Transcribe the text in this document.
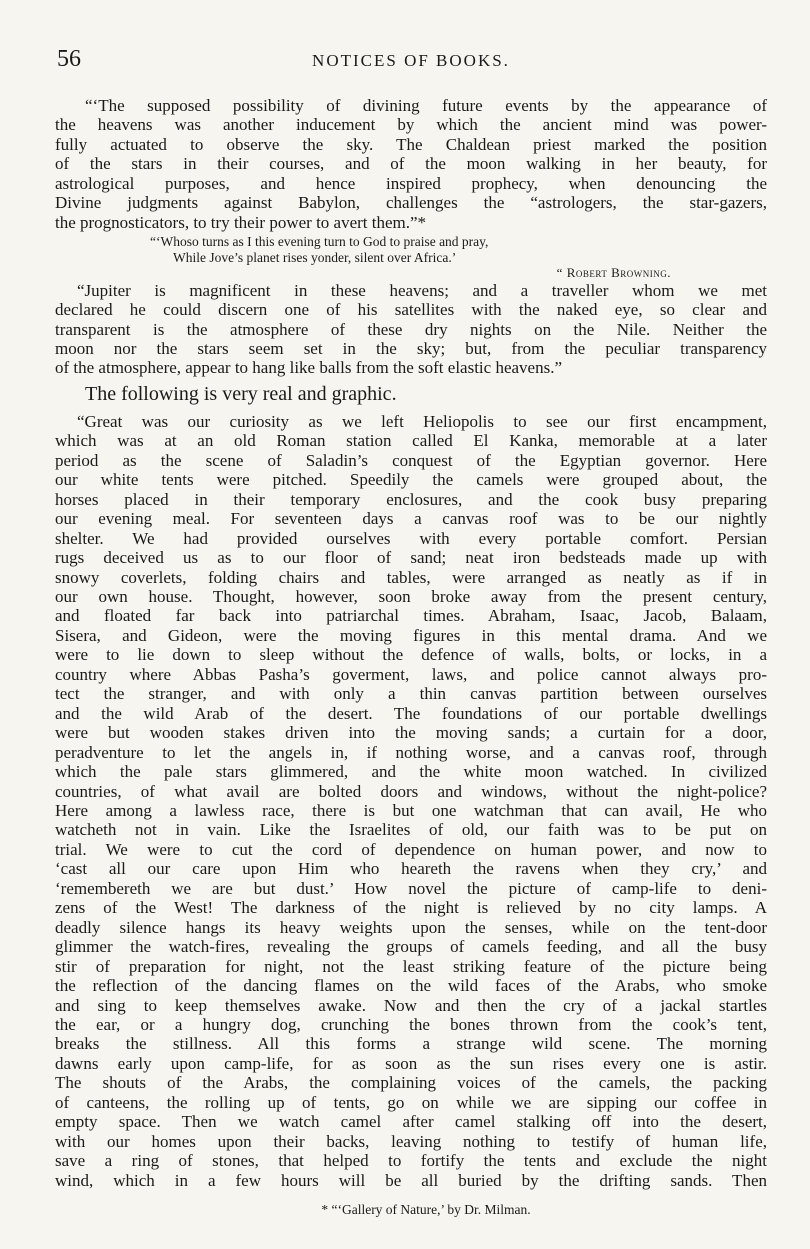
56	NOTICES OF BOOKS.
“‘The supposed possibility of divining future events by the appearance of
the heavens was another inducement by which the ancient mind was power-
fully actuated to observe the sky. The Chaldean priest marked the position
of the stars in their courses, and of the moon walking in her beauty, for
astrological purposes, and hence inspired prophecy, when denouncing the
Divine judgments against Babylon, challenges the “astrologers, the star-gazers,
the prognosticators, to try their power to avert them.”*
“‘Whoso turns as I this evening turn to God to praise and pray,
While Jove’s planet rises yonder, silent over Africa.’
“ Robert Browning.
“Jupiter is magnificent in these heavens; and a traveller whom we met
declared he could discern one of his satellites with the naked eye, so clear and
transparent is the atmosphere of these dry nights on the Nile. Neither the
moon nor the stars seem set in the sky; but, from the peculiar transparency
of the atmosphere, appear to hang like balls from the soft elastic heavens.”
The following is very real and graphic.
“Great was our curiosity as we left Heliopolis to see our first encampment,
which was at an old Roman station called El Kanka, memorable at a later
period as the scene of Saladin’s conquest of the Egyptian governor. Here
our white tents were pitched. Speedily the camels were grouped about, the
horses placed in their temporary enclosures, and the cook busy preparing
our evening meal. For seventeen days a canvas roof was to be our nightly
shelter. We had provided ourselves with every portable comfort. Persian
rugs deceived us as to our floor of sand; neat iron bedsteads made up with
snowy coverlets, folding chairs and tables, were arranged as neatly as if in
our own house. Thought, however, soon broke away from the present century,
and floated far back into patriarchal times. Abraham, Isaac, Jacob, Balaam,
Sisera, and Gideon, were the moving figures in this mental drama. And we
were to lie down to sleep without the defence of walls, bolts, or locks, in a
country where Abbas Pasha’s goverment, laws, and police cannot always pro-
tect the stranger, and with only a thin canvas partition between ourselves
and the wild Arab of the desert. The foundations of our portable dwellings
were but wooden stakes driven into the moving sands; a curtain for a door,
peradventure to let the angels in, if nothing worse, and a canvas roof, through
which the pale stars glimmered, and the white moon watched. In civilized
countries, of what avail are bolted doors and windows, without the night-police?
Here among a lawless race, there is but one watchman that can avail, He who
watcheth not in vain. Like the Israelites of old, our faith was to be put on
trial. We were to cut the cord of dependence on human power, and now to
‘cast all our care upon Him who heareth the ravens when they cry,’ and
‘remembereth we are but dust.’ How novel the picture of camp-life to deni-
zens of the West! The darkness of the night is relieved by no city lamps. A
deadly silence hangs its heavy weights upon the senses, while on the tent-door
glimmer the watch-fires, revealing the groups of camels feeding, and all the busy
stir of preparation for night, not the least striking feature of the picture being
the reflection of the dancing flames on the wild faces of the Arabs, who smoke
and sing to keep themselves awake. Now and then the cry of a jackal startles
the ear, or a hungry dog, crunching the bones thrown from the cook’s tent,
breaks the stillness. All this forms a strange wild scene. The morning
dawns early upon camp-life, for as soon as the sun rises every one is astir.
The shouts of the Arabs, the complaining voices of the camels, the packing
of canteens, the rolling up of tents, go on while we are sipping our coffee in
empty space. Then we watch camel after camel stalking off into the desert,
with our homes upon their backs, leaving nothing to testify of human life,
save a ring of stones, that helped to fortify the tents and exclude the night
wind, which in a few hours will be all buried by the drifting sands. Then
* “‘Gallery of Nature,’ by Dr. Milman.
